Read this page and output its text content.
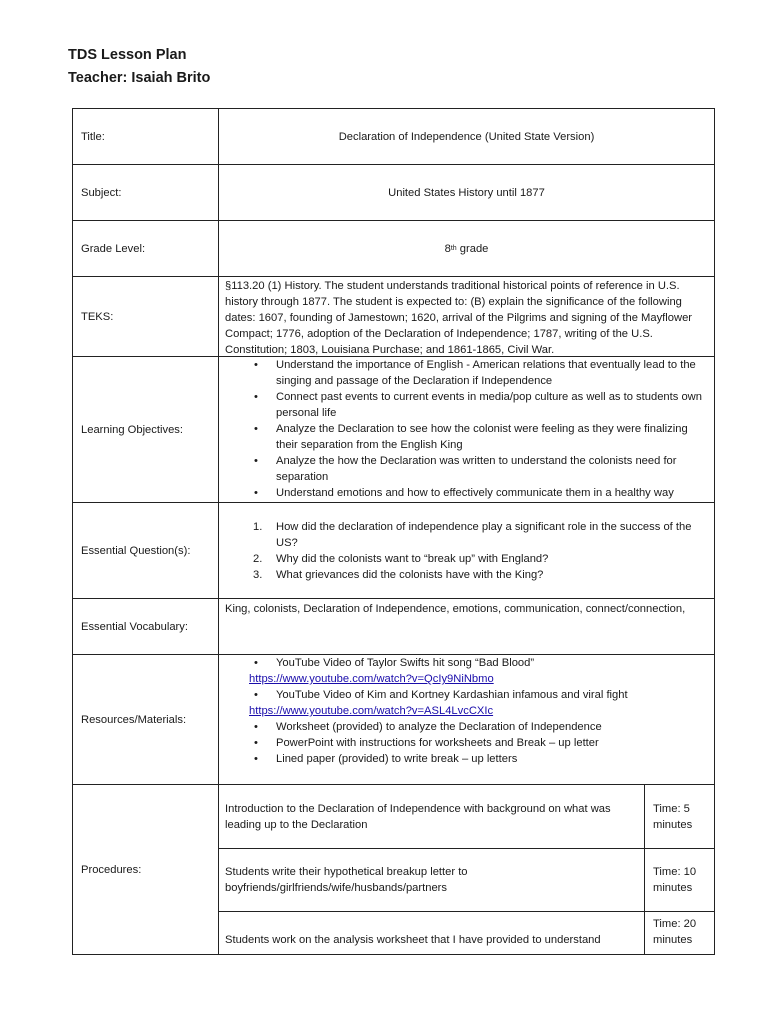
TDS Lesson Plan
Teacher: Isaiah Brito
Title:	Declaration of Independence (United State Version)
Subject:	United States History until 1877
Grade Level:	8 th grade
TEKS:
§113.20 (1) History. The student understands traditional historical points of reference in U.S. history through 1877. The student is expected to: (B) explain the significance of the following dates: 1607, founding of Jamestown; 1620, arrival of the Pilgrims and signing of the Mayflower Compact; 1776, adoption of the Declaration of Independence; 1787, writing of the U.S. Constitution; 1803, Louisiana Purchase; and 1861-1865, Civil War.
Learning Objectives:
• Understand the importance of English - American relations that eventually lead to the singing and passage of the Declaration if Independence
• Connect past events to current events in media/pop culture as well as to students own personal life
• Analyze the Declaration to see how the colonist were feeling as they were finalizing their separation from the English King
• Analyze the how the Declaration was written to understand the colonists need for separation
• Understand emotions and how to effectively communicate them in a healthy way
Essential Question(s):
1. How did the declaration of independence play a significant role in the success of the US?
2. Why did the colonists want to “break up” with England?
3. What grievances did the colonists have with the King?
Essential Vocabulary:
King, colonists, Declaration of Independence, emotions, communication, connect/connection,
Resources/Materials:
• YouTube Video of Taylor Swifts hit song “Bad Blood”
https://www.youtube.com/watch?v=QcIy9NiNbmo
• YouTube Video of Kim and Kortney Kardashian infamous and viral fight
https://www.youtube.com/watch?v=ASL4LvcCXIc
• Worksheet (provided) to analyze the Declaration of Independence
• PowerPoint with instructions for worksheets and Break – up letter
• Lined paper (provided) to write break – up letters
Procedures:
Introduction to the Declaration of Independence with background on what was leading up to the Declaration
Time: 5 minutes
Students write their hypothetical breakup letter to boyfriends/girlfriends/wife/husbands/partners
Time: 10 minutes
Students work on the analysis worksheet that I have provided to understand
Time: 20 minutes
